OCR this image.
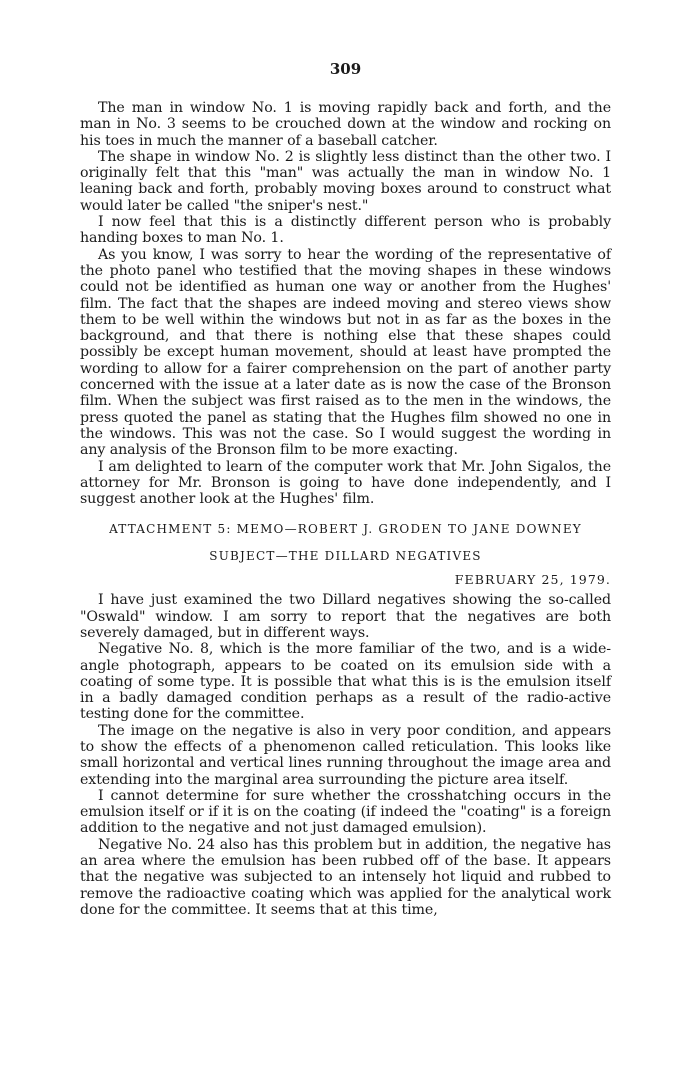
309

The man in window No. 1 is moving rapidly back and forth, and the man in No. 3 seems to be crouched down at the window and rocking on his toes in much the manner of a baseball catcher.

The shape in window No. 2 is slightly less distinct than the other two. I originally felt that this "man" was actually the man in window No. 1 leaning back and forth, probably moving boxes around to construct what would later be called "the sniper's nest."

I now feel that this is a distinctly different person who is probably handing boxes to man No. 1.

As you know, I was sorry to hear the wording of the representative of the photo panel who testified that the moving shapes in these windows could not be identified as human one way or another from the Hughes' film. The fact that the shapes are indeed moving and stereo views show them to be well within the windows but not in as far as the boxes in the background, and that there is nothing else that these shapes could possibly be except human movement, should at least have prompted the wording to allow for a fairer comprehension on the part of another party concerned with the issue at a later date as is now the case of the Bronson film. When the subject was first raised as to the men in the windows, the press quoted the panel as stating that the Hughes film showed no one in the windows. This was not the case. So I would suggest the wording in any analysis of the Bronson film to be more exacting.

I am delighted to learn of the computer work that Mr. John Sigalos, the attorney for Mr. Bronson is going to have done independently, and I suggest another look at the Hughes' film.

ATTACHMENT 5: MEMO—ROBERT J. GRODEN TO JANE DOWNEY

SUBJECT—THE DILLARD NEGATIVES

FEBRUARY 25, 1979.

I have just examined the two Dillard negatives showing the so-called "Oswald" window. I am sorry to report that the negatives are both severely damaged, but in different ways.

Negative No. 8, which is the more familiar of the two, and is a wide-angle photograph, appears to be coated on its emulsion side with a coating of some type. It is possible that what this is is the emulsion itself in a badly damaged condition perhaps as a result of the radio-active testing done for the committee.

The image on the negative is also in very poor condition, and appears to show the effects of a phenomenon called reticulation. This looks like small horizontal and vertical lines running throughout the image area and extending into the marginal area surrounding the picture area itself.

I cannot determine for sure whether the crosshatching occurs in the emulsion itself or if it is on the coating (if indeed the "coating" is a foreign addition to the negative and not just damaged emulsion).

Negative No. 24 also has this problem but in addition, the negative has an area where the emulsion has been rubbed off of the base. It appears that the negative was subjected to an intensely hot liquid and rubbed to remove the radioactive coating which was applied for the analytical work done for the committee. It seems that at this time,
